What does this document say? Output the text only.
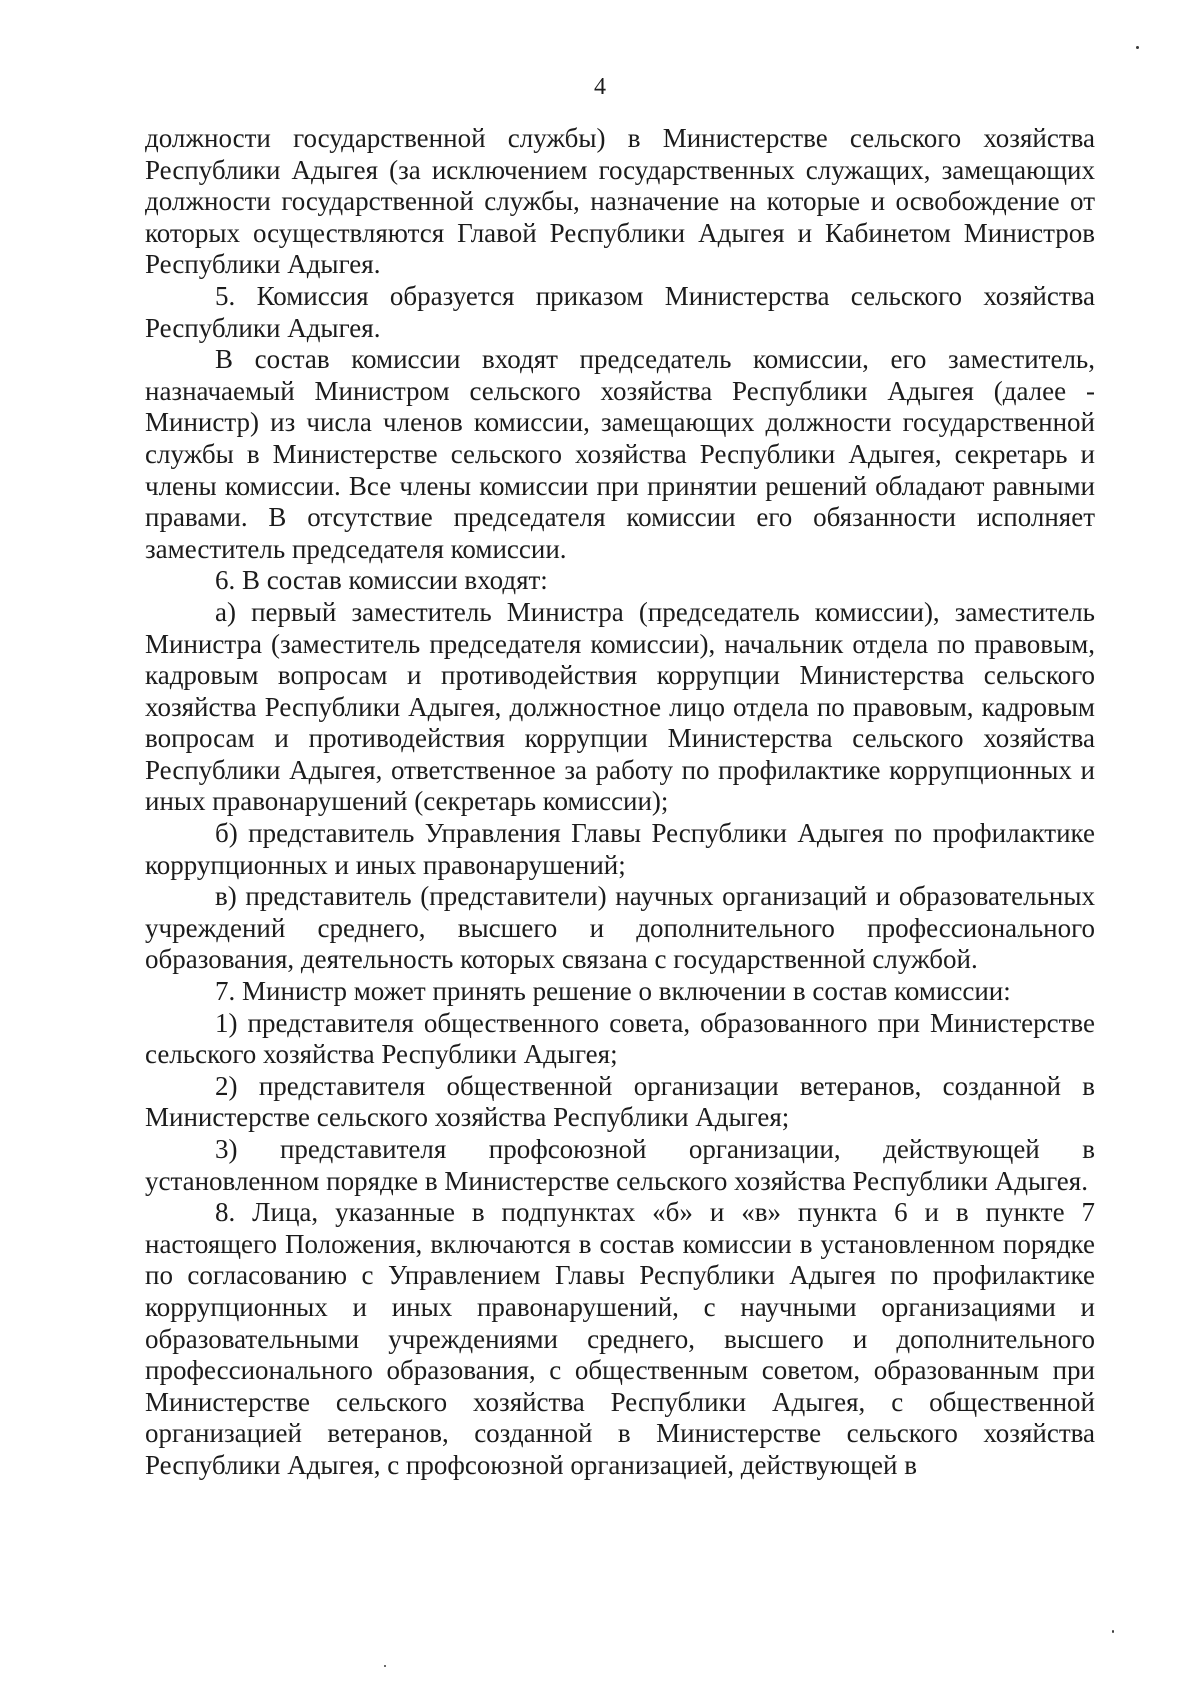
4

должности государственной службы) в Министерстве сельского хозяйства Республики Адыгея (за исключением государственных служащих, замещающих должности государственной службы, назначение на которые и освобождение от которых осуществляются Главой Республики Адыгея и Кабинетом Министров Республики Адыгея.

5. Комиссия образуется приказом Министерства сельского хозяйства Республики Адыгея.

В состав комиссии входят председатель комиссии, его заместитель, назначаемый Министром сельского хозяйства Республики Адыгея (далее - Министр) из числа членов комиссии, замещающих должности государственной службы в Министерстве сельского хозяйства Республики Адыгея, секретарь и члены комиссии. Все члены комиссии при принятии решений обладают равными правами. В отсутствие председателя комиссии его обязанности исполняет заместитель председателя комиссии.

6. В состав комиссии входят:

а) первый заместитель Министра (председатель комиссии), заместитель Министра (заместитель председателя комиссии), начальник отдела по правовым, кадровым вопросам и противодействия коррупции Министерства сельского хозяйства Республики Адыгея, должностное лицо отдела по правовым, кадровым вопросам и противодействия коррупции Министерства сельского хозяйства Республики Адыгея, ответственное за работу по профилактике коррупционных и иных правонарушений (секретарь комиссии);

б) представитель Управления Главы Республики Адыгея по профилактике коррупционных и иных правонарушений;

в) представитель (представители) научных организаций и образовательных учреждений среднего, высшего и дополнительного профессионального образования, деятельность которых связана с государственной службой.

7. Министр может принять решение о включении в состав комиссии:

1) представителя общественного совета, образованного при Министерстве сельского хозяйства Республики Адыгея;

2) представителя общественной организации ветеранов, созданной в Министерстве сельского хозяйства Республики Адыгея;

3) представителя профсоюзной организации, действующей в установленном порядке в Министерстве сельского хозяйства Республики Адыгея.

8. Лица, указанные в подпунктах «б» и «в» пункта 6 и в пункте 7 настоящего Положения, включаются в состав комиссии в установленном порядке по согласованию с Управлением Главы Республики Адыгея по профилактике коррупционных и иных правонарушений, с научными организациями и образовательными учреждениями среднего, высшего и дополнительного профессионального образования, с общественным советом, образованным при Министерстве сельского хозяйства Республики Адыгея, с общественной организацией ветеранов, созданной в Министерстве сельского хозяйства Республики Адыгея, с профсоюзной организацией, действующей в
